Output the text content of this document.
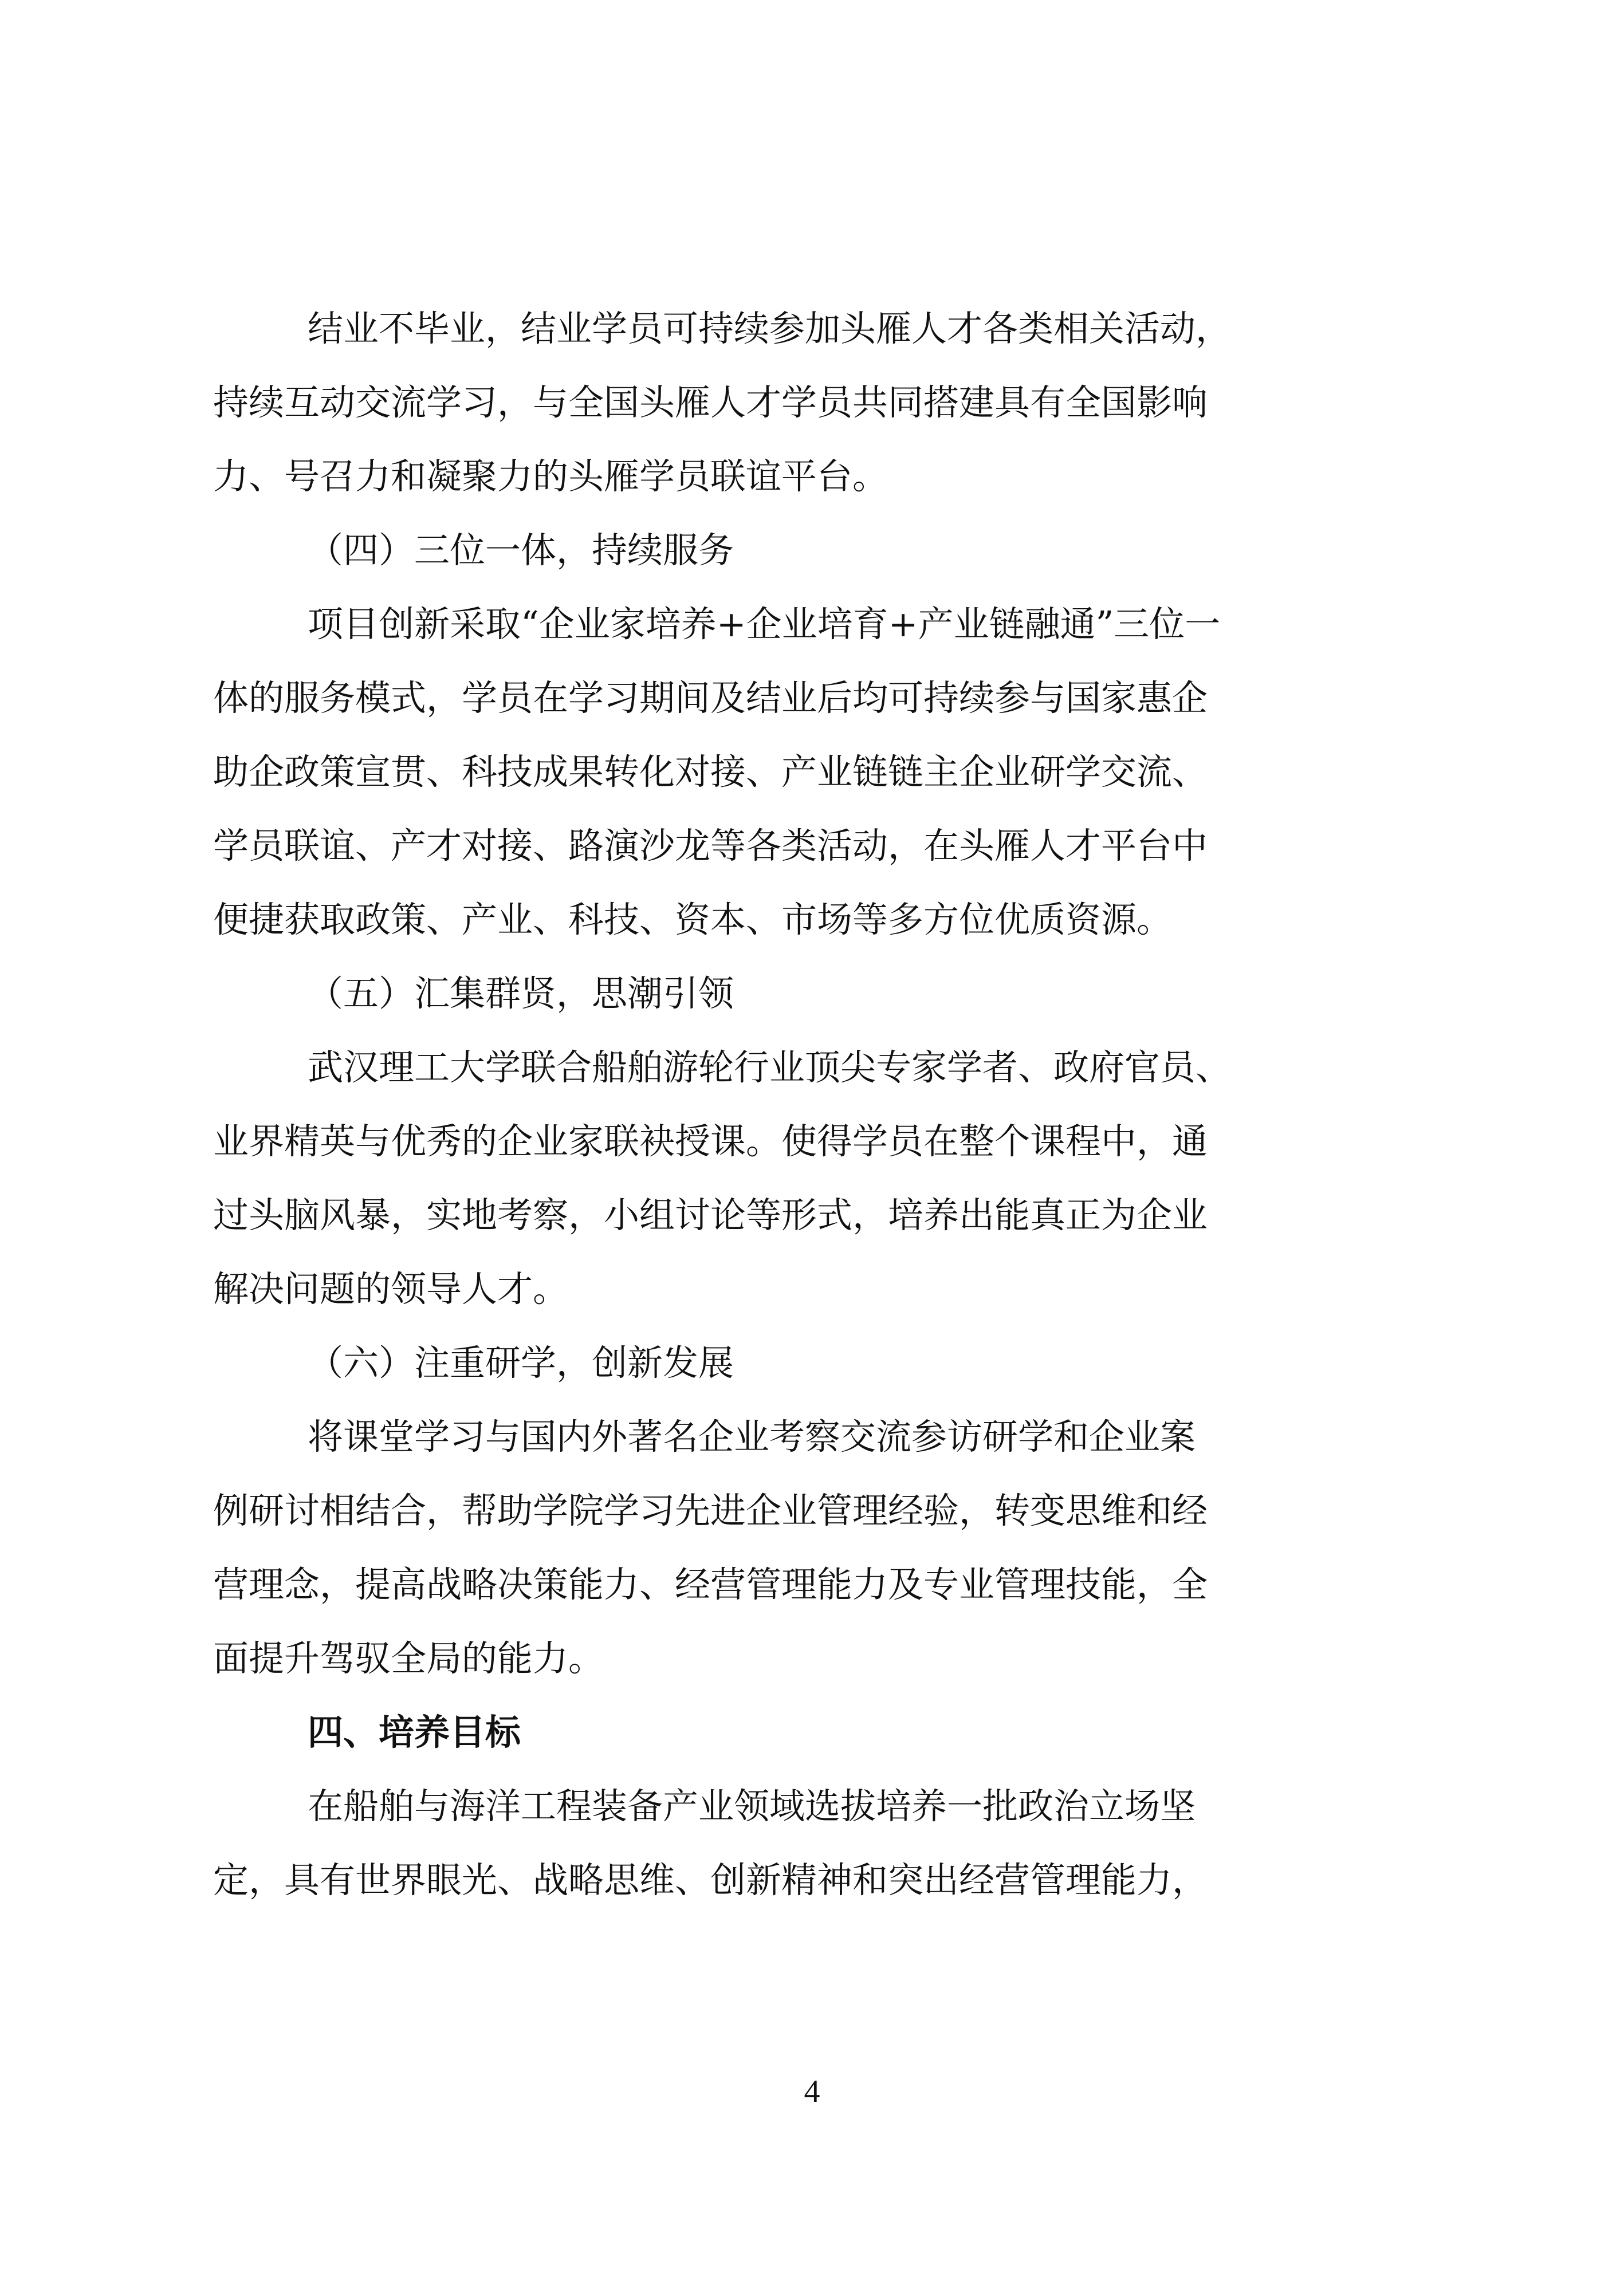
结业不毕业，结业学员可持续参加头雁人才各类相关活动，
持续互动交流学习，与全国头雁人才学员共同搭建具有全国影响
力、号召力和凝聚力的头雁学员联谊平台。
（四）三位一体，持续服务
项目创新采取“企业家培养+企业培育+产业链融通”三位一
体的服务模式，学员在学习期间及结业后均可持续参与国家惠企
助企政策宣贯、科技成果转化对接、产业链链主企业研学交流、
学员联谊、产才对接、路演沙龙等各类活动，在头雁人才平台中
便捷获取政策、产业、科技、资本、市场等多方位优质资源。
（五）汇集群贤，思潮引领
武汉理工大学联合船舶游轮行业顶尖专家学者、政府官员、
业界精英与优秀的企业家联袂授课。使得学员在整个课程中，通
过头脑风暴，实地考察，小组讨论等形式，培养出能真正为企业
解决问题的领导人才。
（六）注重研学，创新发展
将课堂学习与国内外著名企业考察交流参访研学和企业案
例研讨相结合，帮助学院学习先进企业管理经验，转变思维和经
营理念，提高战略决策能力、经营管理能力及专业管理技能，全
面提升驾驭全局的能力。
四、培养目标
在船舶与海洋工程装备产业领域选拔培养一批政治立场坚
定，具有世界眼光、战略思维、创新精神和突出经营管理能力，
4
